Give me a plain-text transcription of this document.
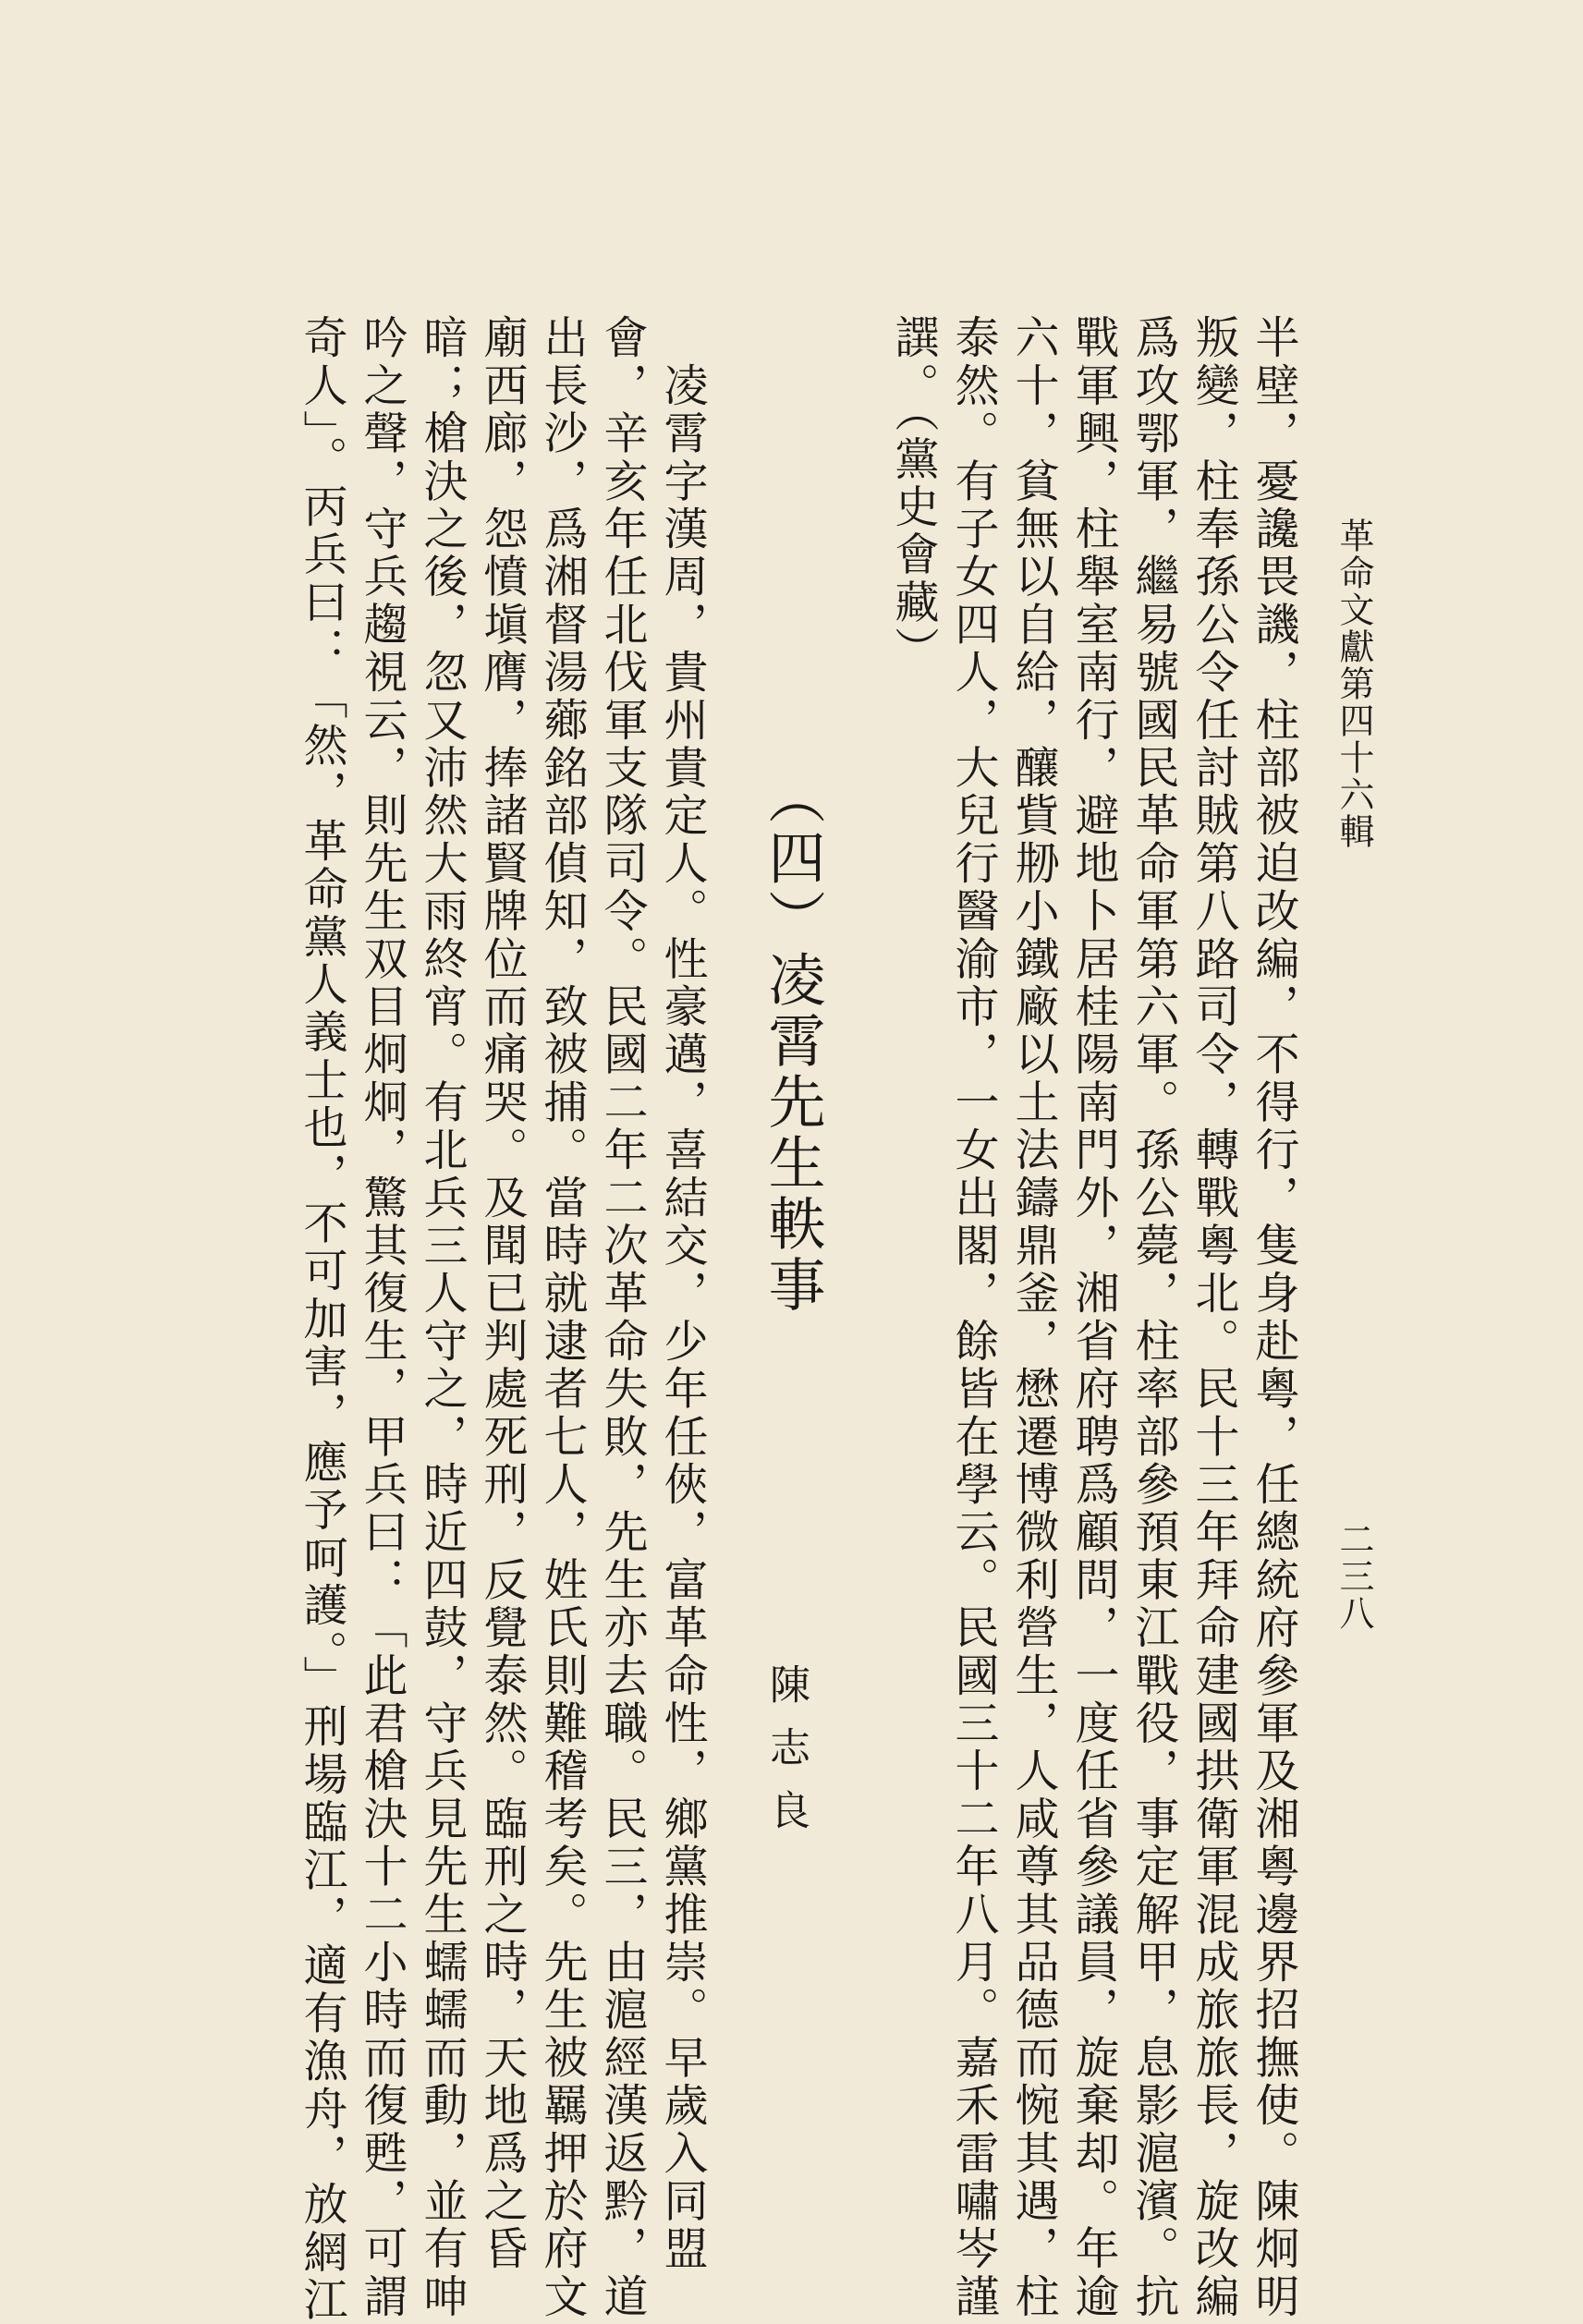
革命文獻第四十六輯
二三八
半壁，憂讒畏譏，柱部被迫改編，不得行，隻身赴粵，任總統府參軍及湘粵邊界招撫使。陳炯明
叛變，柱奉孫公令任討賊第八路司令，轉戰粵北。民十三年拜命建國拱衛軍混成旅旅長，旋改編
爲攻鄂軍，繼易號國民革命軍第六軍。孫公薨，柱率部參預東江戰役，事定解甲，息影滬濱。抗
戰軍興，柱舉室南行，避地卜居桂陽南門外，湘省府聘爲顧問，一度任省參議員，旋棄却。年逾
六十，貧無以自給，釀貲刱小鐵廠以土法鑄鼎釜，懋遷博微利營生，人咸尊其品德而惋其遇，柱
泰然。有子女四人，大兒行醫渝市，一女出閣，餘皆在學云。民國三十二年八月。嘉禾雷嘯岑謹
譔。（黨史會藏）
（四）凌霄先生軼事
陳志良
　凌霄字漢周，貴州貴定人。性豪邁，喜結交，少年任俠，富革命性，鄉黨推崇。早歲入同盟
會，辛亥年任北伐軍支隊司令。民國二年二次革命失敗，先生亦去職。民三，由滬經漢返黔，道
出長沙，爲湘督湯薌銘部偵知，致被捕。當時就逮者七人，姓氏則難稽考矣。先生被羈押於府文
廟西廊，怨憤塡膺，捧諸賢牌位而痛哭。及聞已判處死刑，反覺泰然。臨刑之時，天地爲之昏
暗；槍決之後，忽又沛然大雨終宵。有北兵三人守之，時近四鼓，守兵見先生蠕蠕而動，並有呻
吟之聲，守兵趨視云，則先生双目炯炯，驚其復生，甲兵曰：「此君槍決十二小時而復甦，可謂
奇人」。丙兵曰：「然，革命黨人義士也，不可加害，應予呵護。」刑場臨江，適有漁舟，放網江
